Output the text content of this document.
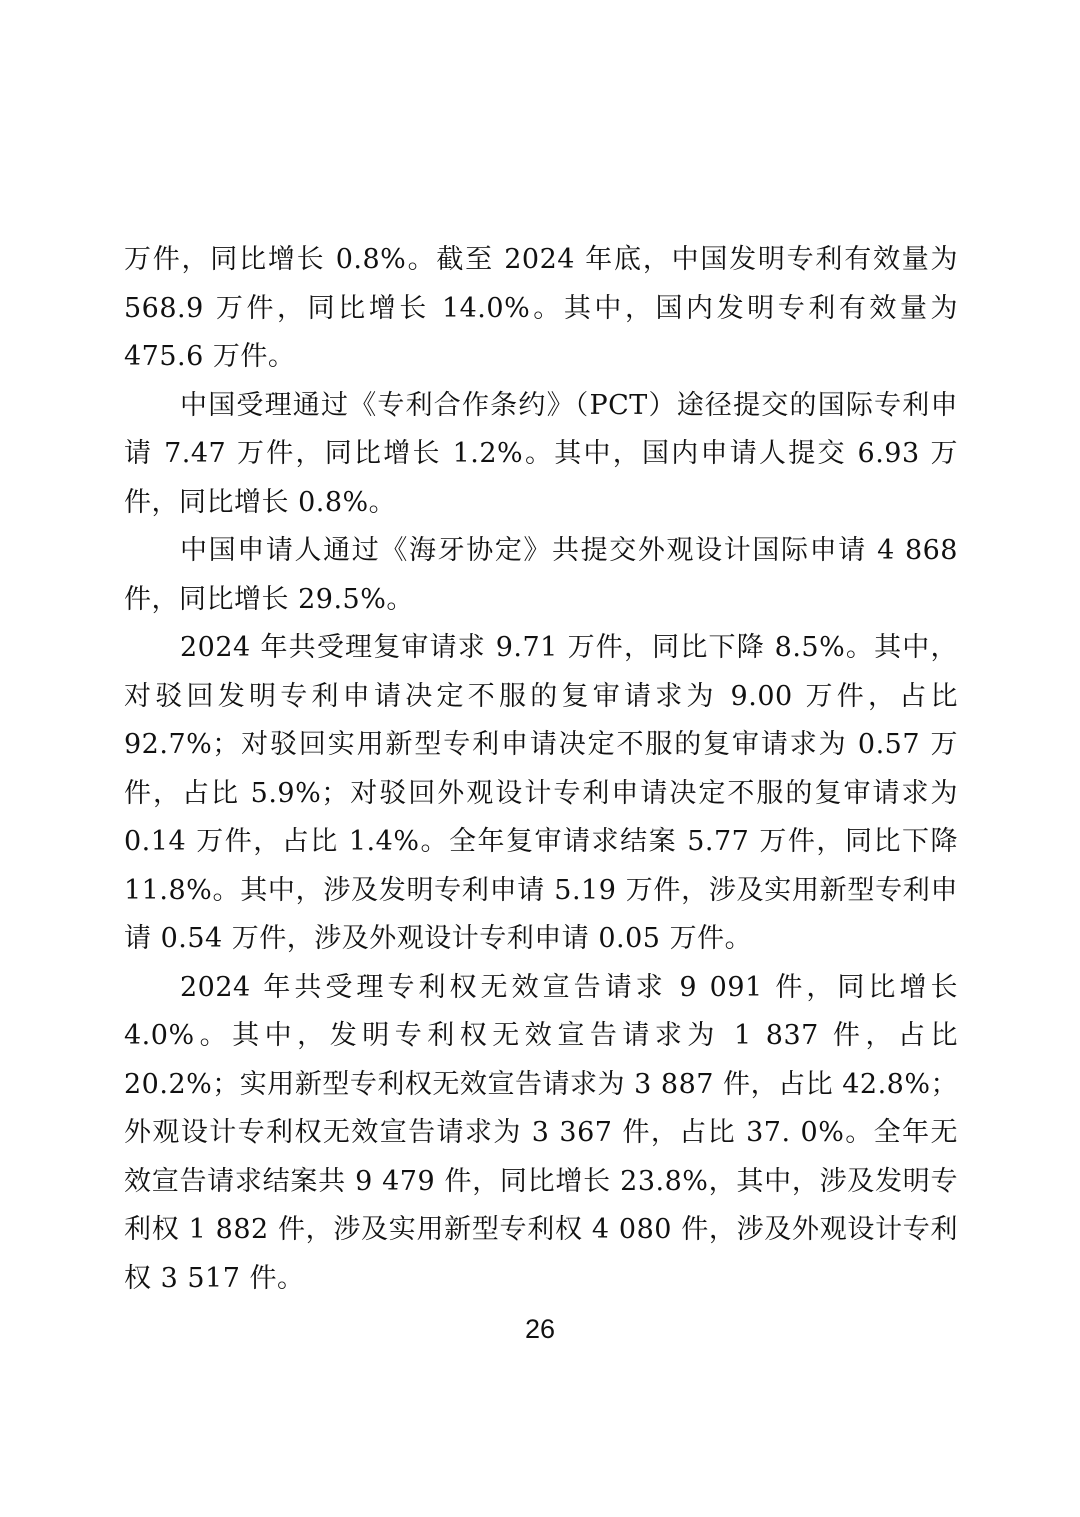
万件，同比增长 0.8%。截至 2024 年底，中国发明专利有效量为 568.9 万件，同比增长 14.0%。其中，国内发明专利有效量为 475.6 万件。

中国受理通过《专利合作条约》（PCT）途径提交的国际专利申请 7.47 万件，同比增长 1.2%。其中，国内申请人提交 6.93 万件，同比增长 0.8%。

中国申请人通过《海牙协定》共提交外观设计国际申请 4 868 件，同比增长 29.5%。

2024 年共受理复审请求 9.71 万件，同比下降 8.5%。其中，对驳回发明专利申请决定不服的复审请求为 9.00 万件，占比 92.7%；对驳回实用新型专利申请决定不服的复审请求为 0.57 万件，占比 5.9%；对驳回外观设计专利申请决定不服的复审请求为 0.14 万件，占比 1.4%。全年复审请求结案 5.77 万件，同比下降 11.8%。其中，涉及发明专利申请 5.19 万件，涉及实用新型专利申请 0.54 万件，涉及外观设计专利申请 0.05 万件。

2024 年共受理专利权无效宣告请求 9 091 件，同比增长 4.0%。其中，发明专利权无效宣告请求为 1 837 件，占比 20.2%；实用新型专利权无效宣告请求为 3 887 件，占比 42.8%；外观设计专利权无效宣告请求为 3 367 件，占比 37. 0%。全年无效宣告请求结案共 9 479 件，同比增长 23.8%，其中，涉及发明专利权 1 882 件，涉及实用新型专利权 4 080 件，涉及外观设计专利权 3 517 件。

26
